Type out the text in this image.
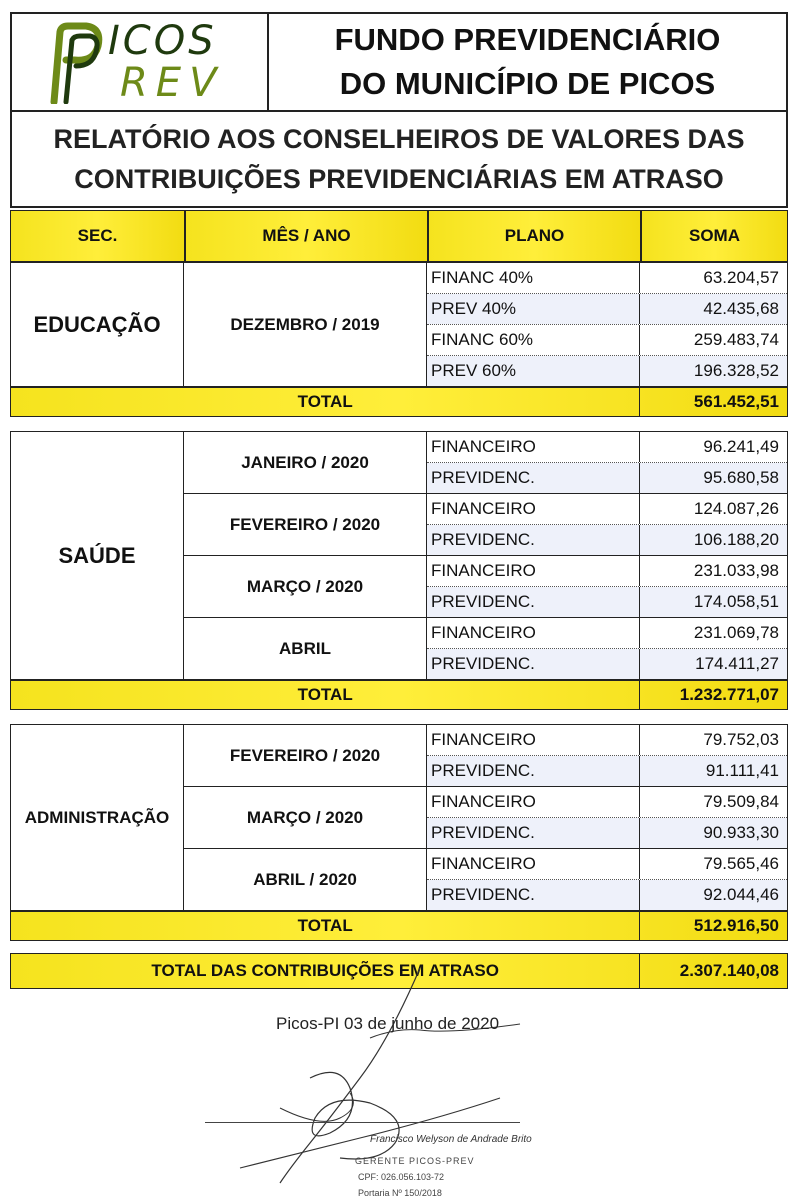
ICOS
REV
FUNDO PREVIDENCIÁRIO
DO MUNICÍPIO DE PICOS
RELATÓRIO AOS CONSELHEIROS DE VALORES DAS
CONTRIBUIÇÕES PREVIDENCIÁRIAS EM ATRASO
SEC.	MÊS / ANO	PLANO	SOMA
EDUCAÇÃO	DEZEMBRO / 2019
FINANC 40%	63.204,57
PREV 40%	42.435,68
FINANC 60%	259.483,74
PREV 60%	196.328,52
TOTAL	561.452,51
SAÚDE
JANEIRO / 2020
FINANCEIRO	96.241,49
PREVIDENC.	95.680,58
FEVEREIRO / 2020
FINANCEIRO	124.087,26
PREVIDENC.	106.188,20
MARÇO / 2020
FINANCEIRO	231.033,98
PREVIDENC.	174.058,51
ABRIL
FINANCEIRO	231.069,78
PREVIDENC.	174.411,27
TOTAL	1.232.771,07
ADMINISTRAÇÃO
FEVEREIRO / 2020
FINANCEIRO	79.752,03
PREVIDENC.	91.111,41
MARÇO / 2020
FINANCEIRO	79.509,84
PREVIDENC.	90.933,30
ABRIL / 2020
FINANCEIRO	79.565,46
PREVIDENC.	92.044,46
TOTAL	512.916,50
TOTAL DAS CONTRIBUIÇÕES EM ATRASO	2.307.140,08
Picos-PI 03 de junho de 2020
Francisco Welyson de Andrade Brito
GERENTE PICOS-PREV
CPF: 026.056.103-72
Portaria Nº 150/2018
